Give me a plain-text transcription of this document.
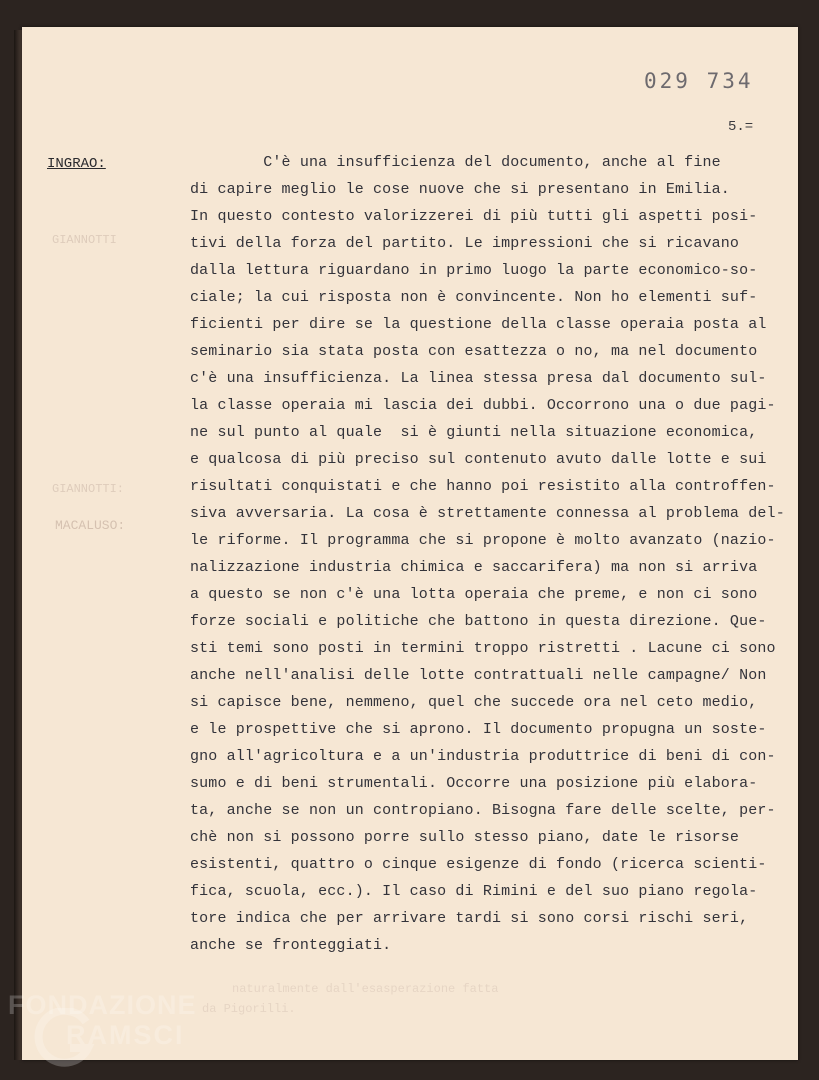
029 734
5.=
GIANNOTTI
GIANNOTTI:
MACALUSO:
naturalmente dall'esasperazione fatta
da Pigorilli.
INGRAO:	C'è una insufficienza del documento, anche al fine
di capire meglio le cose nuove che si presentano in Emilia.
In questo contesto valorizzerei di più tutti gli aspetti posi-
tivi della forza del partito. Le impressioni che si ricavano
dalla lettura riguardano in primo luogo la parte economico-so-
ciale; la cui risposta non è convincente. Non ho elementi suf-
ficienti per dire se la questione della classe operaia posta al
seminario sia stata posta con esattezza o no, ma nel documento
c'è una insufficienza. La linea stessa presa dal documento sul-
la classe operaia mi lascia dei dubbi. Occorrono una o due pagi-
ne sul punto al quale  si è giunti nella situazione economica,
e qualcosa di più preciso sul contenuto avuto dalle lotte e sui
risultati conquistati e che hanno poi resistito alla controffen-
siva avversaria. La cosa è strettamente connessa al problema del-
le riforme. Il programma che si propone è molto avanzato (nazio-
nalizzazione industria chimica e saccarifera) ma non si arriva
a questo se non c'è una lotta operaia che preme, e non ci sono
forze sociali e politiche che battono in questa direzione. Que-
sti temi sono posti in termini troppo ristretti . Lacune ci sono
anche nell'analisi delle lotte contrattuali nelle campagne/ Non
si capisce bene, nemmeno, quel che succede ora nel ceto medio,
e le prospettive che si aprono. Il documento propugna un soste-
gno all'agricoltura e a un'industria produttrice di beni di con-
sumo e di beni strumentali. Occorre una posizione più elabora-
ta, anche se non un contropiano. Bisogna fare delle scelte, per-
chè non si possono porre sullo stesso piano, date le risorse
esistenti, quattro o cinque esigenze di fondo (ricerca scienti-
fica, scuola, ecc.). Il caso di Rimini e del suo piano regola-
tore indica che per arrivare tardi si sono corsi rischi seri,
anche se fronteggiati.
FONDAZIONE
RAMSCI
